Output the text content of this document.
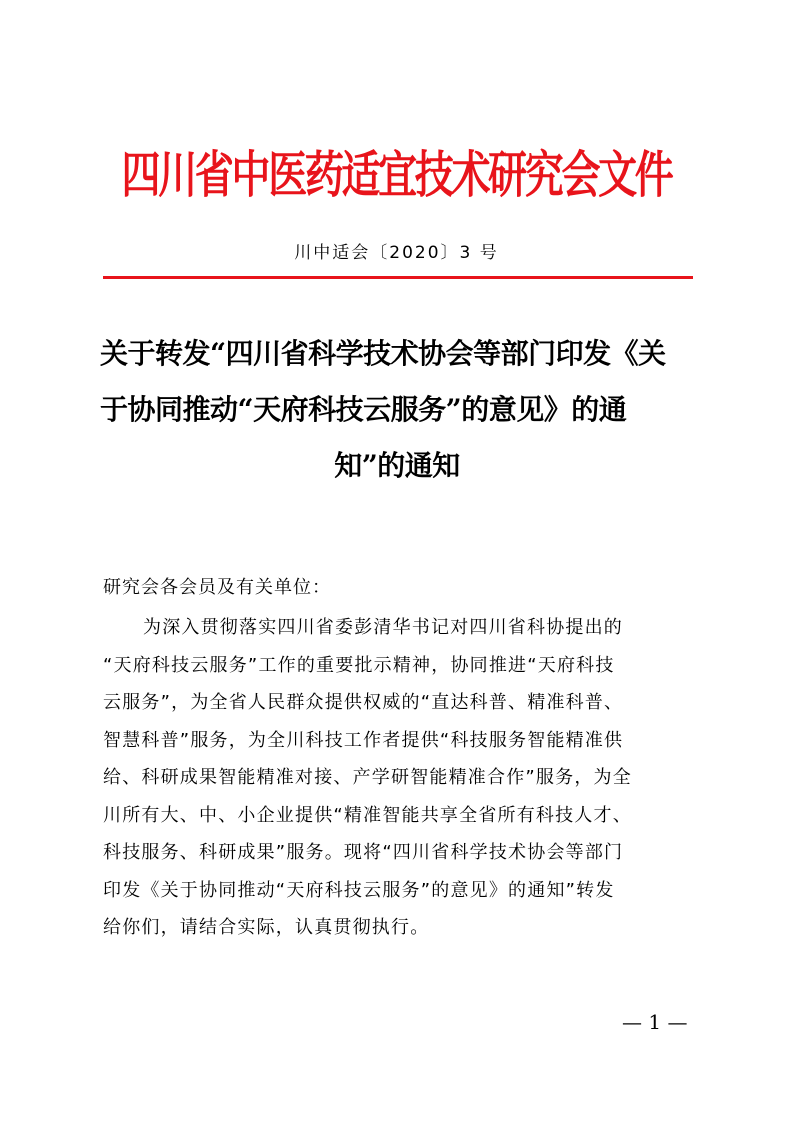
四川省中医药适宜技术研究会文件
川中适会〔2020〕3 号
关于转发“四川省科学技术协会等部门印发《关
于协同推动“天府科技云服务”的意见》的通
知”的通知
研究会各会员及有关单位：
为深入贯彻落实四川省委彭清华书记对四川省科协提出的
“天府科技云服务”工作的重要批示精神，协同推进“天府科技
云服务”，为全省人民群众提供权威的“直达科普、精准科普、
智慧科普”服务，为全川科技工作者提供“科技服务智能精准供
给、科研成果智能精准对接、产学研智能精准合作”服务，为全
川所有大、中、小企业提供“精准智能共享全省所有科技人才、
科技服务、科研成果”服务。现将“四川省科学技术协会等部门
印发《关于协同推动“天府科技云服务”的意见》的通知”转发
给你们，请结合实际，认真贯彻执行。
— 1 —
